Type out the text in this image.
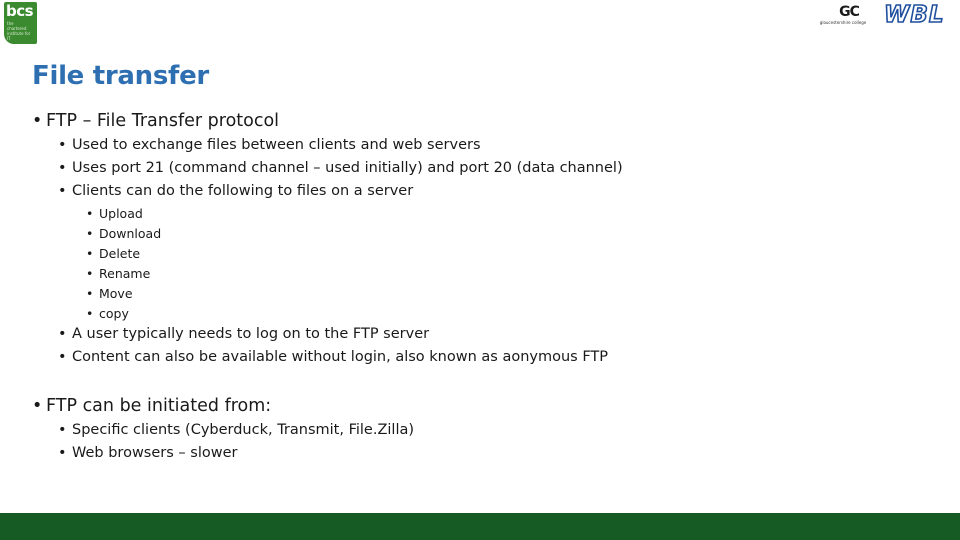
bcs
the chartered institute for IT
GC
gloucestershire college WBL
File transfer
• FTP – File Transfer protocol
• Used to exchange files between clients and web servers
• Uses port 21 (command channel – used initially) and port 20 (data channel)
• Clients can do the following to files on a server
• Upload
• Download
• Delete
• Rename
• Move
• copy
• A user typically needs to log on to the FTP server
• Content can also be available without login, also known as aonymous FTP
• FTP can be initiated from:
• Specific clients (Cyberduck, Transmit, File.Zilla)
• Web browsers – slower
